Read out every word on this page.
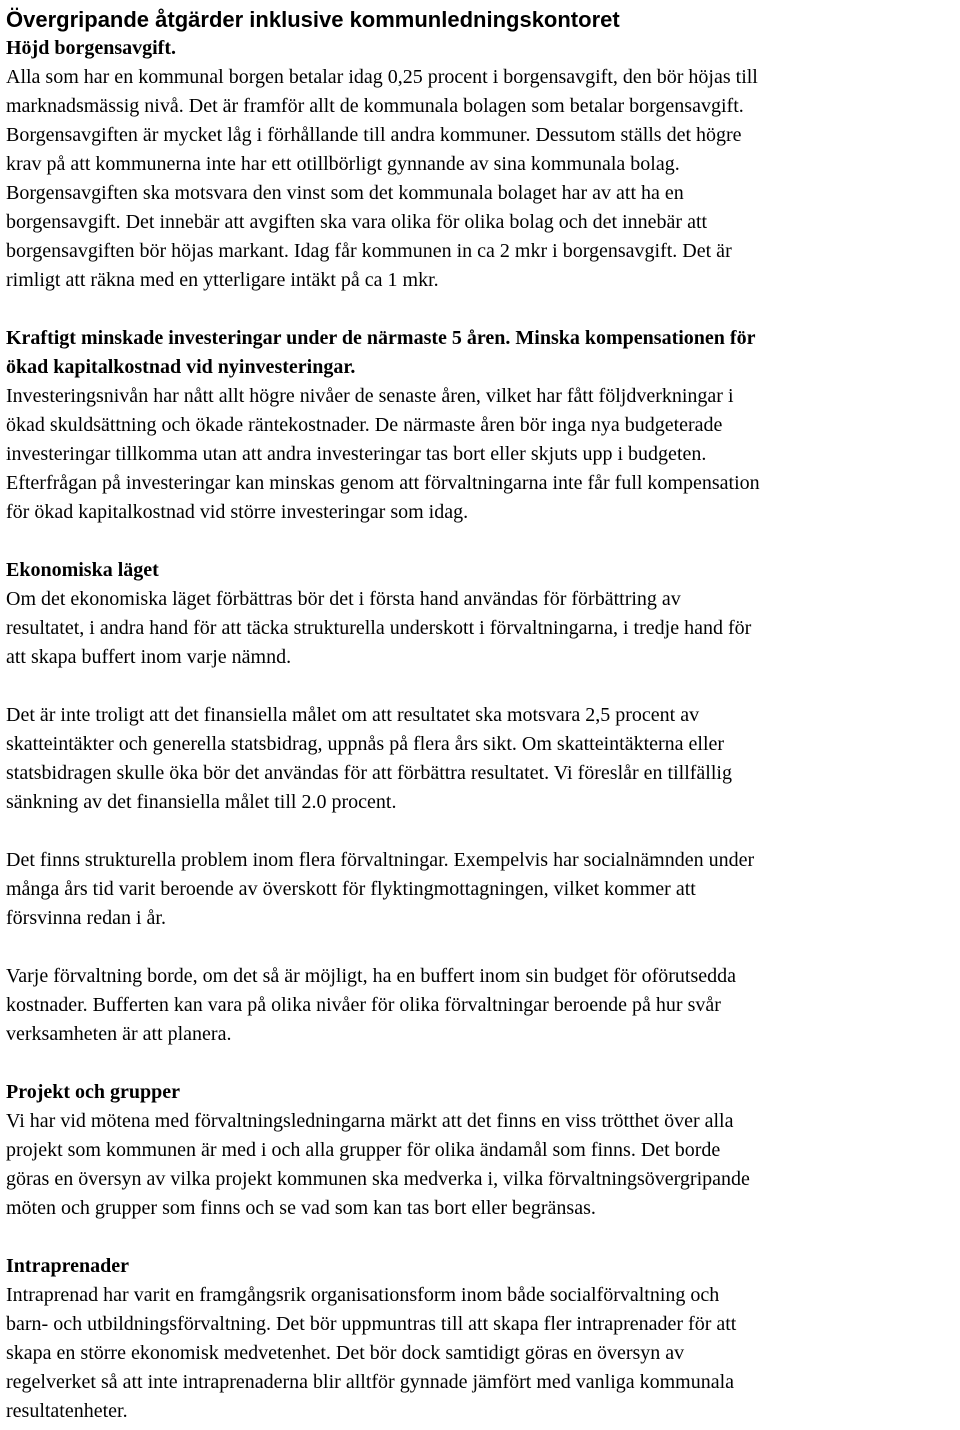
Övergripande åtgärder inklusive kommunledningskontoret
Höjd borgensavgift.
Alla som har en kommunal borgen betalar idag 0,25 procent i borgensavgift, den bör höjas till
marknadsmässig nivå. Det är framför allt de kommunala bolagen som betalar borgensavgift.
Borgensavgiften är mycket låg i förhållande till andra kommuner. Dessutom ställs det högre
krav på att kommunerna inte har ett otillbörligt gynnande av sina kommunala bolag.
Borgensavgiften ska motsvara den vinst som det kommunala bolaget har av att ha en
borgensavgift. Det innebär att avgiften ska vara olika för olika bolag och det innebär att
borgensavgiften bör höjas markant. Idag får kommunen in ca 2 mkr i borgensavgift. Det är
rimligt att räkna med en ytterligare intäkt på ca 1 mkr.
Kraftigt minskade investeringar under de närmaste 5 åren. Minska kompensationen för
ökad kapitalkostnad vid nyinvesteringar.
Investeringsnivån har nått allt högre nivåer de senaste åren, vilket har fått följdverkningar i
ökad skuldsättning och ökade räntekostnader. De närmaste åren bör inga nya budgeterade
investeringar tillkomma utan att andra investeringar tas bort eller skjuts upp i budgeten.
Efterfrågan på investeringar kan minskas genom att förvaltningarna inte får full kompensation
för ökad kapitalkostnad vid större investeringar som idag.
Ekonomiska läget
Om det ekonomiska läget förbättras bör det i första hand användas för förbättring av
resultatet, i andra hand för att täcka strukturella underskott i förvaltningarna, i tredje hand för
att skapa buffert inom varje nämnd.
Det är inte troligt att det finansiella målet om att resultatet ska motsvara 2,5 procent av
skatteintäkter och generella statsbidrag, uppnås på flera års sikt. Om skatteintäkterna eller
statsbidragen skulle öka bör det användas för att förbättra resultatet. Vi föreslår en tillfällig
sänkning av det finansiella målet till 2.0 procent.
Det finns strukturella problem inom flera förvaltningar. Exempelvis har socialnämnden under
många års tid varit beroende av överskott för flyktingmottagningen, vilket kommer att
försvinna redan i år.
Varje förvaltning borde, om det så är möjligt, ha en buffert inom sin budget för oförutsedda
kostnader. Bufferten kan vara på olika nivåer för olika förvaltningar beroende på hur svår
verksamheten är att planera.
Projekt och grupper
Vi har vid mötena med förvaltningsledningarna märkt att det finns en viss trötthet över alla
projekt som kommunen är med i och alla grupper för olika ändamål som finns. Det borde
göras en översyn av vilka projekt kommunen ska medverka i, vilka förvaltningsövergripande
möten och grupper som finns och se vad som kan tas bort eller begränsas.
Intraprenader
Intraprenad har varit en framgångsrik organisationsform inom både socialförvaltning och
barn- och utbildningsförvaltning. Det bör uppmuntras till att skapa fler intraprenader för att
skapa en större ekonomisk medvetenhet. Det bör dock samtidigt göras en översyn av
regelverket så att inte intraprenaderna blir alltför gynnade jämfört med vanliga kommunala
resultatenheter.
